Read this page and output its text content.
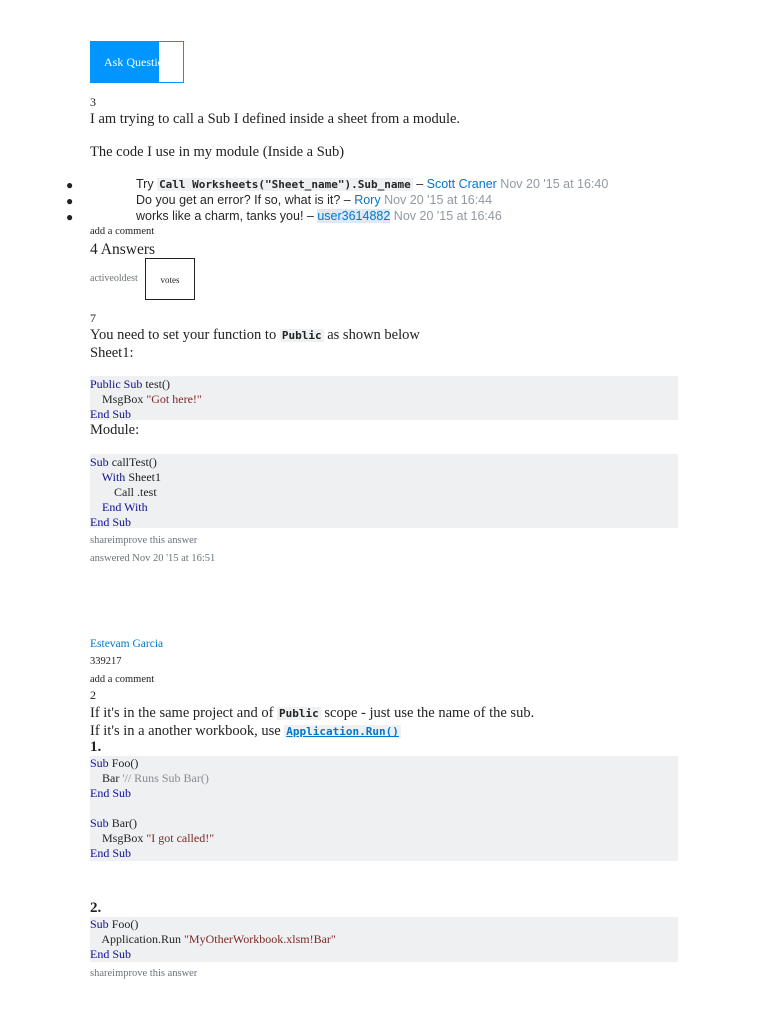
Ask Question
3
I am trying to call a Sub I defined inside a sheet from a module.
The code I use in my module (Inside a Sub)
●	Try Call Worksheets("Sheet_name").Sub_name – Scott Craner Nov 20 '15 at 16:40
●	Do you get an error? If so, what is it? – Rory Nov 20 '15 at 16:44
●	works like a charm, tanks you! – user3614882 Nov 20 '15 at 16:46
add a comment
4 Answers
activeoldest	votes
7
You need to set your function to Public as shown below
Sheet1:
Public Sub test()
MsgBox "Got here!"
End Sub
Module:
Sub callTest()
With Sheet1
Call .test
End With
End Sub
shareimprove this answer
answered Nov 20 '15 at 16:51
Estevam Garcia
339217
add a comment
2
If it's in the same project and of Public scope - just use the name of the sub.
If it's in a another workbook, use Application.Run()
1.
Sub Foo()
Bar '// Runs Sub Bar()
End Sub
Sub Bar()
MsgBox "I got called!"
End Sub
2.
Sub Foo()
Application.Run "MyOtherWorkbook.xlsm!Bar"
End Sub
shareimprove this answer
